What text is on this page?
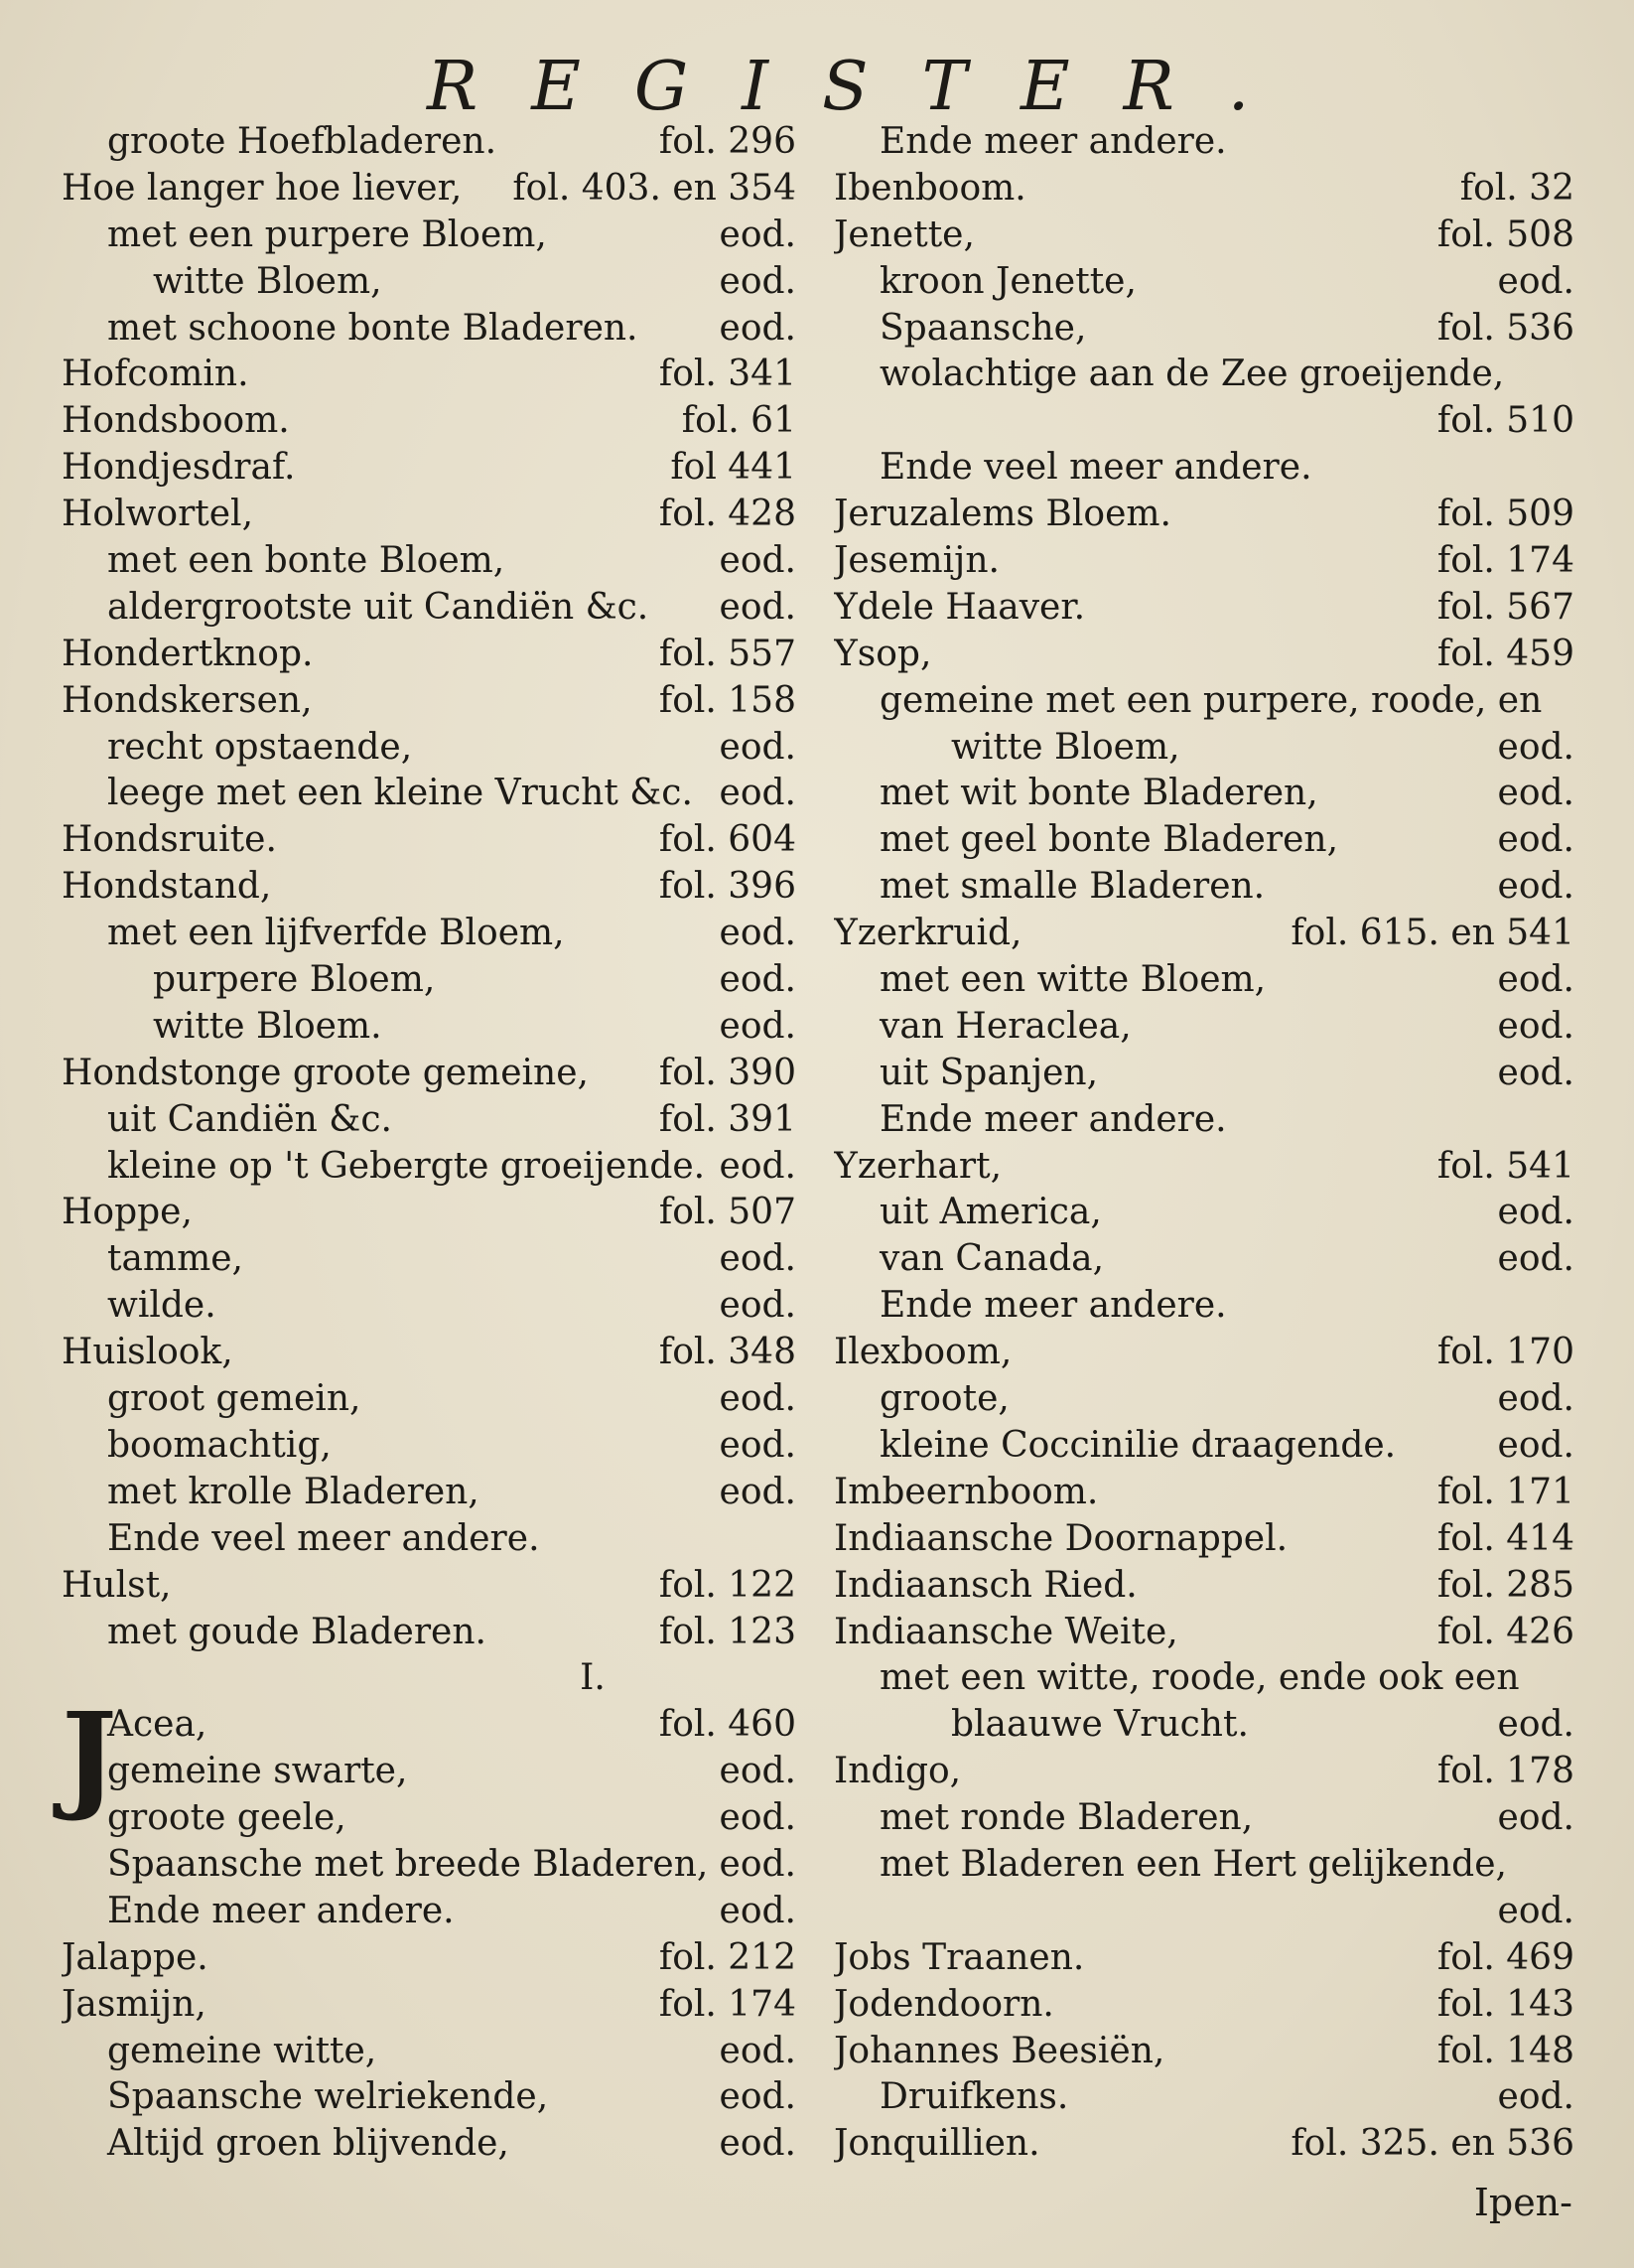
REGISTER.
groote Hoefbladeren.	fol. 296
Hoe langer hoe liever,	fol. 403. en 354
met een purpere Bloem,	eod.
witte Bloem,	eod.
met schoone bonte Bladeren.	eod.
Hofcomin.	fol. 341
Hondsboom.	fol. 61
Hondjesdraf.	fol 441
Holwortel,	fol. 428
met een bonte Bloem,	eod.
aldergrootste uit Candiën &c.	eod.
Hondertknop.	fol. 557
Hondskersen,	fol. 158
recht opstaende,	eod.
leege met een kleine Vrucht &c. eod.
Hondsruite.	fol. 604
Hondstand,	fol. 396
met een lijfverfde Bloem,	eod.
purpere Bloem,	eod.
witte Bloem.	eod.
Hondstonge groote gemeine,	fol. 390
uit Candiën &c.	fol. 391
kleine op 't Gebergte groeijende. eod.
Hoppe,	fol. 507
tamme,	eod.
wilde.	eod.
Huislook,	fol. 348
groot gemein,	eod.
boomachtig,	eod.
met krolle Bladeren,	eod.
Ende veel meer andere.
Hulst,	fol. 122
met goude Bladeren.	fol. 123
I.
J
Acea,	fol. 460
gemeine swarte,	eod.
groote geele,	eod.
Spaansche met breede Bladeren, eod.
Ende meer andere.	eod.
Jalappe.	fol. 212
Jasmijn,	fol. 174
gemeine witte,	eod.
Spaansche welriekende,	eod.
Altijd groen blijvende,	eod.
Ende meer andere.
Ibenboom.	fol. 32
Jenette,	fol. 508
kroon Jenette,	eod.
Spaansche,	fol. 536
wolachtige aan de Zee groeijende,
fol. 510
Ende veel meer andere.
Jeruzalems Bloem.	fol. 509
Jesemijn.	fol. 174
Ydele Haaver.	fol. 567
Ysop,	fol. 459
gemeine met een purpere, roode, en
witte Bloem,	eod.
met wit bonte Bladeren,	eod.
met geel bonte Bladeren,	eod.
met smalle Bladeren.	eod.
Yzerkruid,	fol. 615. en 541
met een witte Bloem,	eod.
van Heraclea,	eod.
uit Spanjen,	eod.
Ende meer andere.
Yzerhart,	fol. 541
uit America,	eod.
van Canada,	eod.
Ende meer andere.
Ilexboom,	fol. 170
groote,	eod.
kleine Coccinilie draagende.	eod.
Imbeernboom.	fol. 171
Indiaansche Doornappel.	fol. 414
Indiaansch Ried.	fol. 285
Indiaansche Weite,	fol. 426
met een witte, roode, ende ook een
blaauwe Vrucht.	eod.
Indigo,	fol. 178
met ronde Bladeren,	eod.
met Bladeren een Hert gelijkende,
eod.
Jobs Traanen.	fol. 469
Jodendoorn.	fol. 143
Johannes Beesiën,	fol. 148
Druifkens.	eod.
Jonquillien.	fol. 325. en 536
Ipen-
